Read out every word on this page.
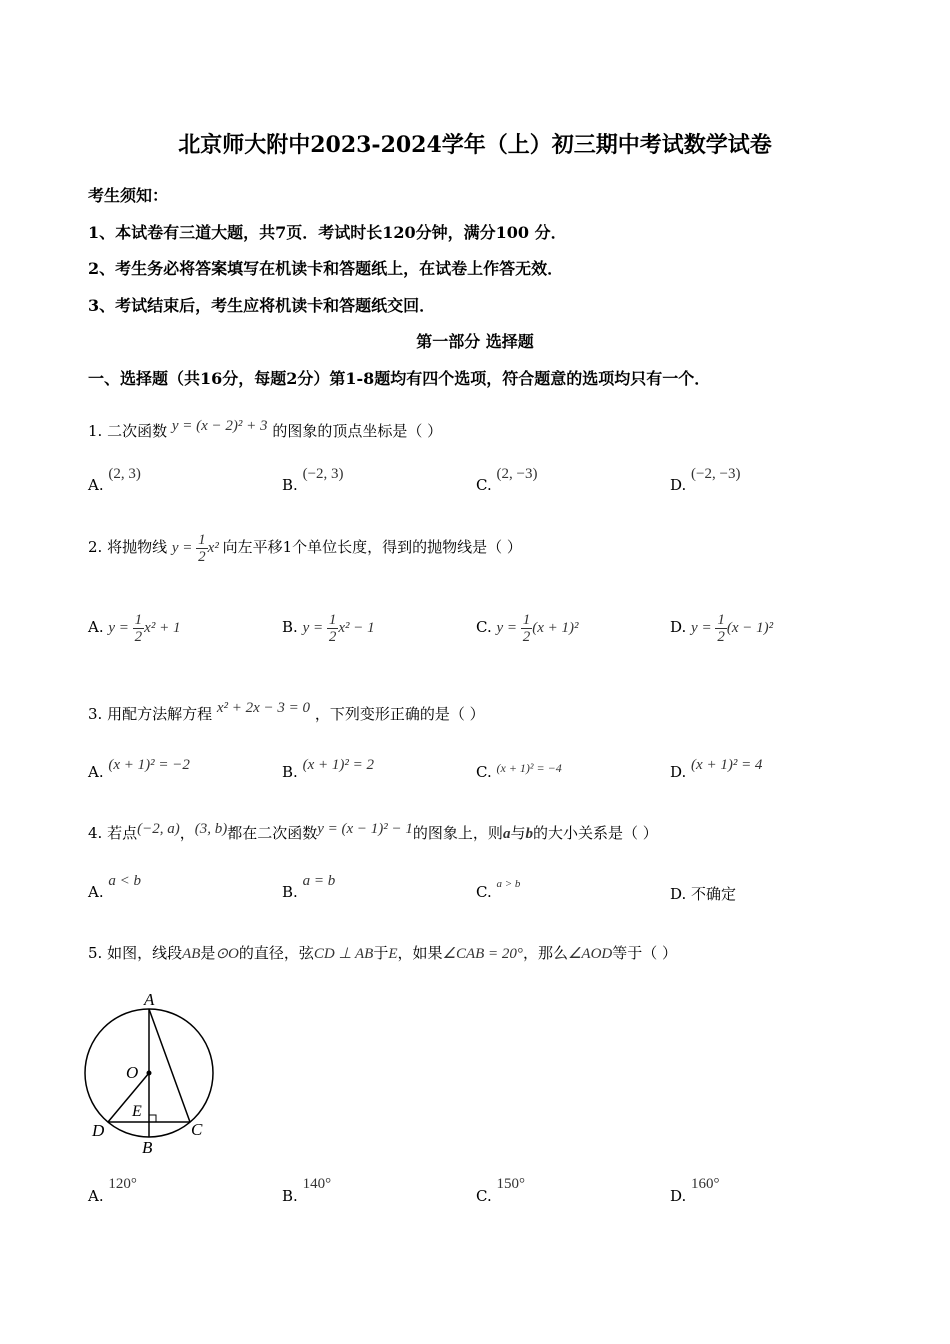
北京师大附中2023-2024学年（上）初三期中考试数学试卷
考生须知：
1、本试卷有三道大题，共7页．考试时长120分钟，满分100 分．
2、考生务必将答案填写在机读卡和答题纸上，在试卷上作答无效．
3、考试结束后，考生应将机读卡和答题纸交回．
第一部分 选择题
一、选择题（共16分，每题2分）第1-8题均有四个选项，符合题意的选项均只有一个．
1. 二次函数 y = (x − 2)² + 3 的图象的顶点坐标是（ ）
A. (2, 3)
B. (−2, 3)
C. (2, −3)
D. (−2, −3)
2. 将抛物线 $y = \frac{1}{2} x^2$ 向左平移1个单位长度，得到的抛物线是（ ）
A. $y = \frac{1}{2} x^2 + 1$	B. $y = \frac{1}{2} x^2 - 1$	C. $y = \frac{1}{2} (x + 1)^2$	D. $y = \frac{1}{2} (x - 1)^2$
3. 用配方法解方程 x² + 2x − 3 = 0 ，下列变形正确的是（ ）
A. (x + 1)² = −2	B. (x + 1)² = 2	C. $^{(x + 1)^2 = -4}$	D. (x + 1)² = 4
4. 若点(−2, a)，(3, b)都在二次函数y = (x − 1)² − 1的图象上，则a与b的大小关系是（ ）
A. a < b
B. a = b
C. $^{a > b}$
D. 不确定
5. 如图，线段AB是⊙O的直径，弦CD ⊥ AB于E，如果∠CAB = 20°，那么∠AOD等于（ ）
A
O
E
D
B
C
A. 120°
B. 140°
C. 150°
D. 160°
